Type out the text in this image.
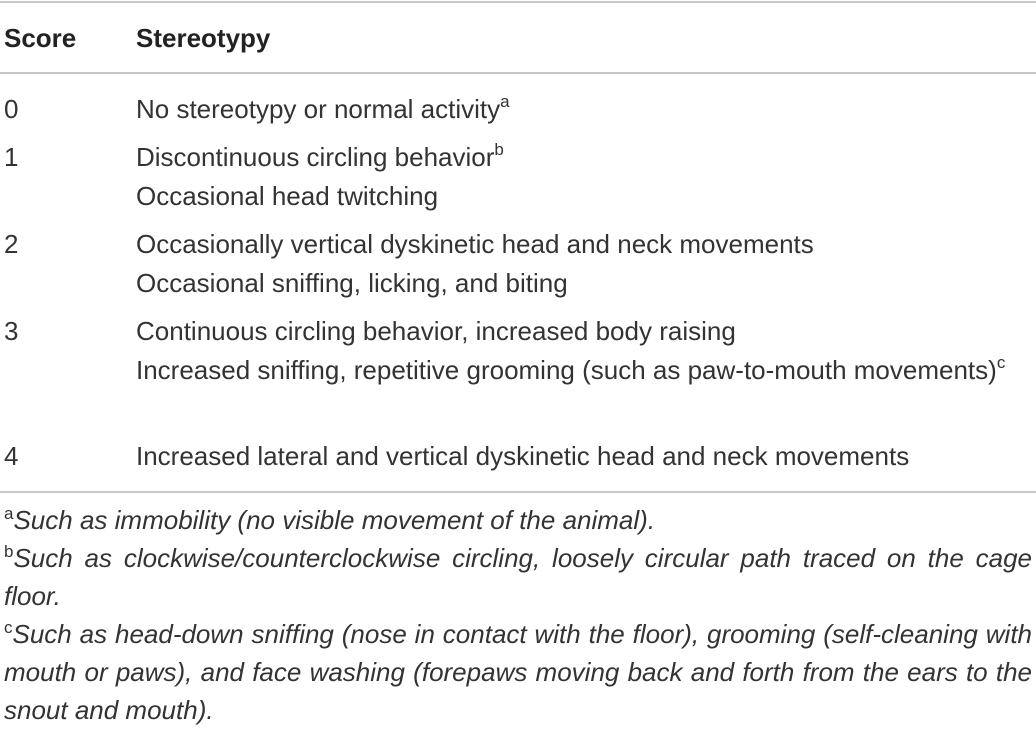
Score Stereotypy
0	No stereotypy or normal activity$^a$
1	Discontinuous circling behavior$^b$
Occasional head twitching
2	Occasionally vertical dyskinetic head and neck movements
Occasional sniffing, licking, and biting
3	Continuous circling behavior, increased body raising
Increased sniffing, repetitive grooming (such as paw-to-mouth movements)$^c$
4	Increased lateral and vertical dyskinetic head and neck movements
$^a$Such as immobility (no visible movement of the animal).
$^b$Such as clockwise/counterclockwise circling, loosely circular path traced on the cage floor.
$^c$Such as head-down sniffing (nose in contact with the floor), grooming (self-cleaning with mouth or paws), and face washing (forepaws moving back and forth from the ears to the snout and mouth).
